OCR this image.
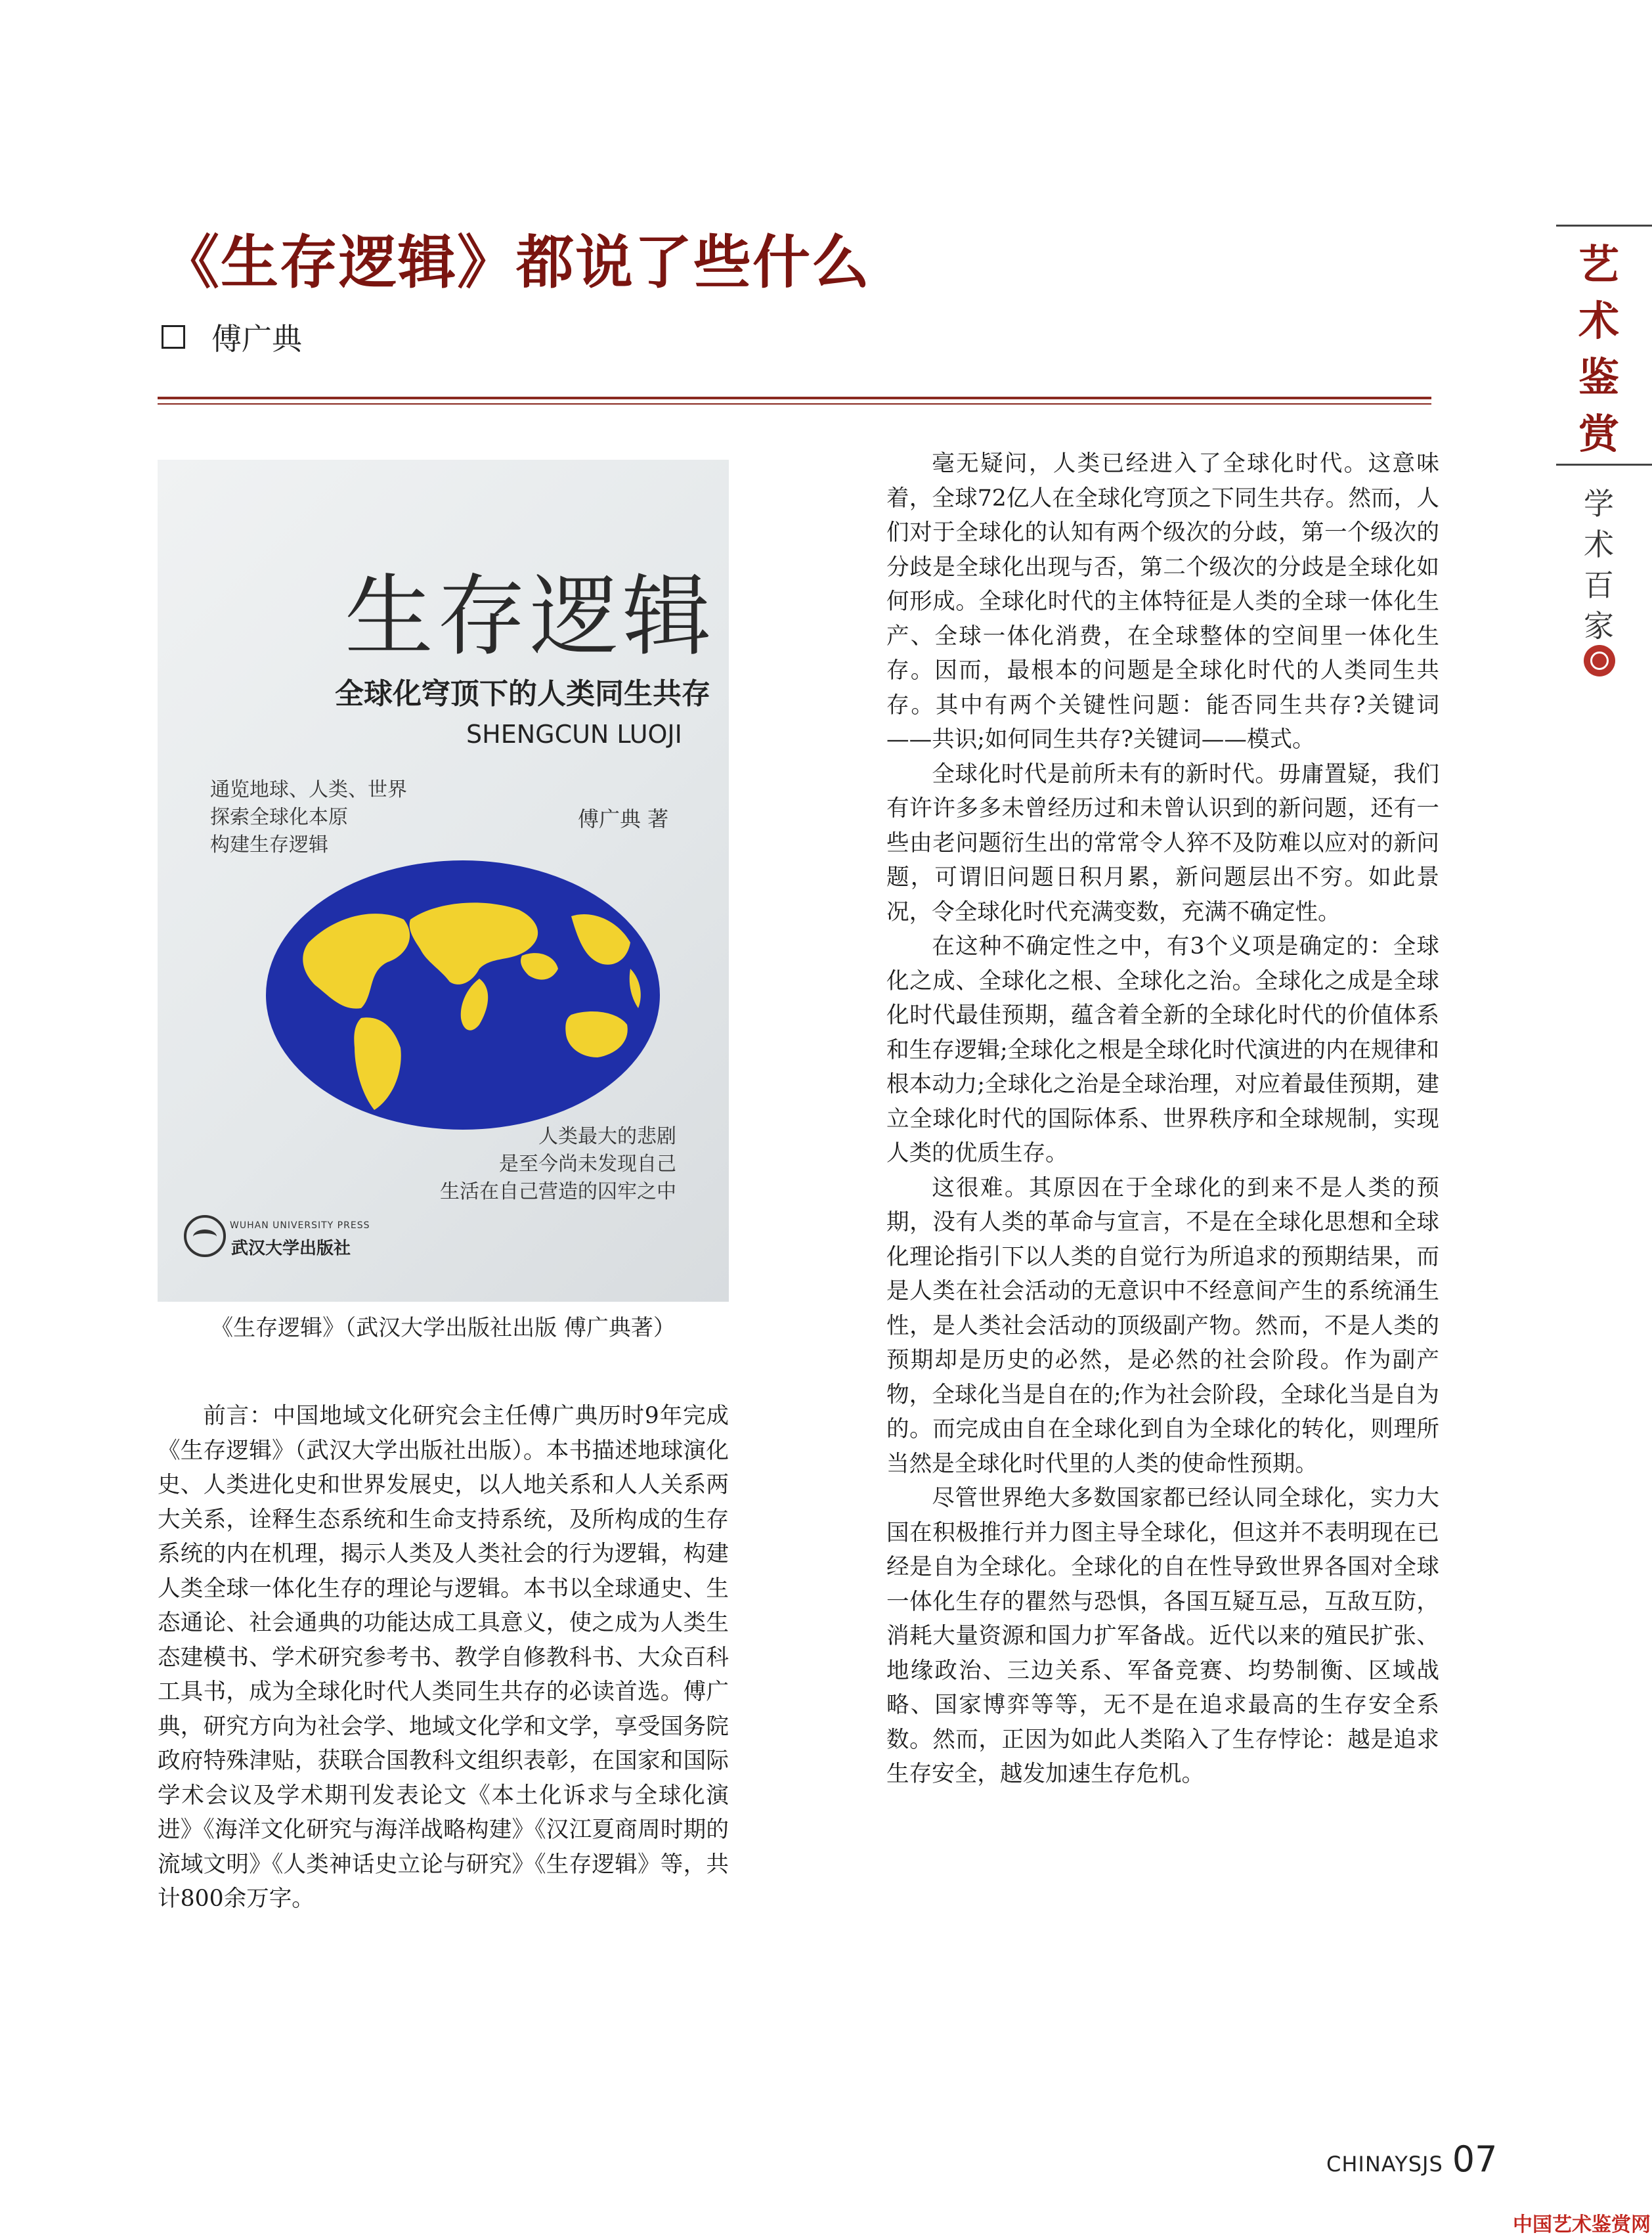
《生存逻辑》都说了些什么
傅广典
艺
术
鉴
赏
学
术
百
家
生存逻辑
全球化穹顶下的人类同生共存
SHENGCUN LUOJI
通览地球、人类、世界
探索全球化本原
构建生存逻辑
傅广典 著
人类最大的悲剧
是至今尚未发现自己
生活在自己营造的囚牢之中
WUHAN UNIVERSITY PRESS
武汉大学出版社
《生存逻辑》（武汉大学出版社出版 傅广典著）

前言：中国地域文化研究会主任傅广典历时9年完成《生存逻辑》（武汉大学出版社出版）。本书描述地球演化史、人类进化史和世界发展史，以人地关系和人人关系两大关系，诠释生态系统和生命支持系统，及所构成的生存系统的内在机理，揭示人类及人类社会的行为逻辑，构建人类全球一体化生存的理论与逻辑。本书以全球通史、生态通论、社会通典的功能达成工具意义，使之成为人类生态建模书、学术研究参考书、教学自修教科书、大众百科工具书，成为全球化时代人类同生共存的必读首选。傅广典，研究方向为社会学、地域文化学和文学，享受国务院政府特殊津贴，获联合国教科文组织表彰，在国家和国际学术会议及学术期刊发表论文《本土化诉求与全球化演进》《海洋文化研究与海洋战略构建》《汉江夏商周时期的流域文明》《人类神话史立论与研究》《生存逻辑》等，共计800余万字。

毫无疑问，人类已经进入了全球化时代。这意味着，全球72亿人在全球化穹顶之下同生共存。然而，人们对于全球化的认知有两个级次的分歧，第一个级次的分歧是全球化出现与否，第二个级次的分歧是全球化如何形成。全球化时代的主体特征是人类的全球一体化生产、全球一体化消费，在全球整体的空间里一体化生存。因而，最根本的问题是全球化时代的人类同生共存。其中有两个关键性问题：能否同生共存?关键词——共识;如何同生共存?关键词——模式。

全球化时代是前所未有的新时代。毋庸置疑，我们有许许多多未曾经历过和未曾认识到的新问题，还有一些由老问题衍生出的常常令人猝不及防难以应对的新问题，可谓旧问题日积月累，新问题层出不穷。如此景况，令全球化时代充满变数，充满不确定性。

在这种不确定性之中，有3个义项是确定的：全球化之成、全球化之根、全球化之治。全球化之成是全球化时代最佳预期，蕴含着全新的全球化时代的价值体系和生存逻辑;全球化之根是全球化时代演进的内在规律和根本动力;全球化之治是全球治理，对应着最佳预期，建立全球化时代的国际体系、世界秩序和全球规制，实现人类的优质生存。

这很难。其原因在于全球化的到来不是人类的预期，没有人类的革命与宣言，不是在全球化思想和全球化理论指引下以人类的自觉行为所追求的预期结果，而是人类在社会活动的无意识中不经意间产生的系统涌生性，是人类社会活动的顶级副产物。然而，不是人类的预期却是历史的必然，是必然的社会阶段。作为副产物，全球化当是自在的;作为社会阶段，全球化当是自为的。而完成由自在全球化到自为全球化的转化，则理所当然是全球化时代里的人类的使命性预期。

尽管世界绝大多数国家都已经认同全球化，实力大国在积极推行并力图主导全球化，但这并不表明现在已经是自为全球化。全球化的自在性导致世界各国对全球一体化生存的瞿然与恐惧，各国互疑互忌，互敌互防，消耗大量资源和国力扩军备战。近代以来的殖民扩张、地缘政治、三边关系、军备竞赛、均势制衡、区域战略、国家博弈等等，无不是在追求最高的生存安全系数。然而，正因为如此人类陷入了生存悖论：越是追求生存安全，越发加速生存危机。

CHINAYSJS 07
中国艺术鉴赏网
